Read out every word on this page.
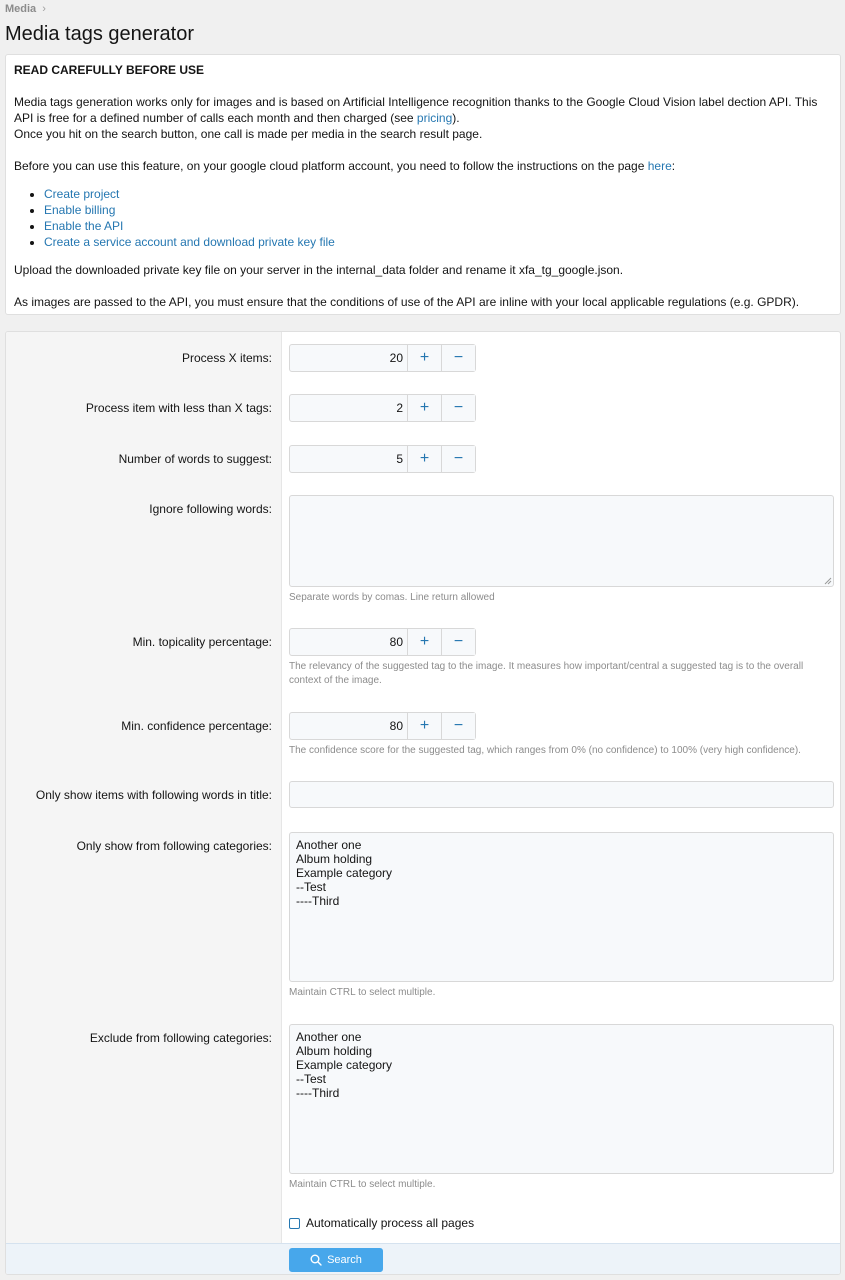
Media ›
Media tags generator
READ CAREFULLY BEFORE USE

Media tags generation works only for images and is based on Artificial Intelligence recognition thanks to the Google Cloud Vision label dection API. This API is free for a defined number of calls each month and then charged (see pricing).

Once you hit on the search button, one call is made per media in the search result page.

Before you can use this feature, on your google cloud platform account, you need to follow the instructions on the page here:

• Create project
• Enable billing
• Enable the API
• Create a service account and download private key file

Upload the downloaded private key file on your server in the internal_data folder and rename it xfa_tg_google.json.

As images are passed to the API, you must ensure that the conditions of use of the API are inline with your local applicable regulations (e.g. GPDR).

Process X items:	20	+	−
Process item with less than X tags:	2	+	−
Number of words to suggest:	5	+	−
Ignore following words:
Separate words by comas. Line return allowed
Min. topicality percentage:	80	+	−
The relevancy of the suggested tag to the image. It measures how important/central a suggested tag is to the overall context of the image.
Min. confidence percentage:	80	+	−
The confidence score for the suggested tag, which ranges from 0% (no confidence) to 100% (very high confidence).
Only show items with following words in title:
Only show from following categories: Another one
Album holding
Example category
--Test
----Third
Maintain CTRL to select multiple.
Exclude from following categories: Another one
Album holding
Example category
--Test
----Third
Maintain CTRL to select multiple.
Automatically process all pages
Search
